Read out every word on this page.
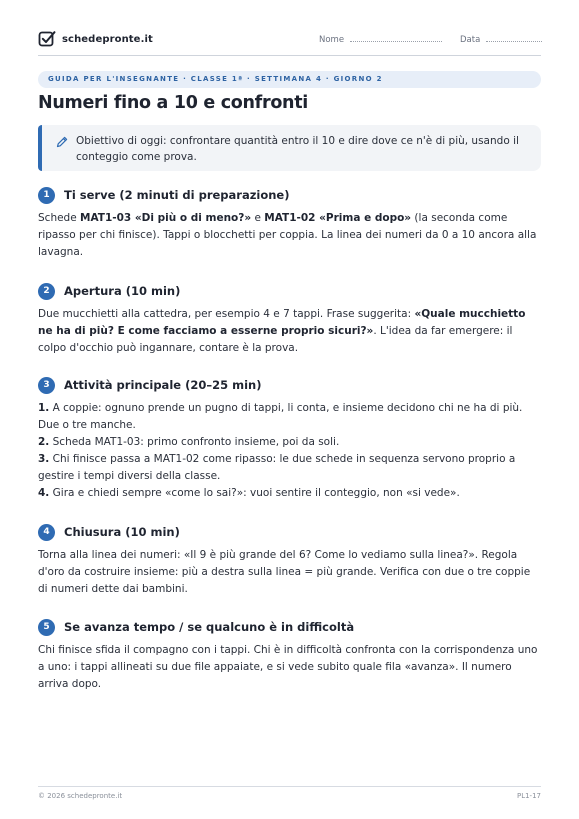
schedepronte.it	Nome	Data
GUIDA PER L'INSEGNANTE · CLASSE 1ª · SETTIMANA 4 · GIORNO 2
Numeri fino a 10 e confronti
Obiettivo di oggi: confrontare quantità entro il 10 e dire dove ce n'è di più, usando il conteggio come prova.
1	Ti serve (2 minuti di preparazione)
Schede MAT1-03 «Di più o di meno?» e MAT1-02 «Prima e dopo» (la seconda come ripasso per chi finisce). Tappi o blocchetti per coppia. La linea dei numeri da 0 a 10 ancora alla lavagna.
2	Apertura (10 min)
Due mucchietti alla cattedra, per esempio 4 e 7 tappi. Frase suggerita: «Quale mucchietto ne ha di più? E come facciamo a esserne proprio sicuri?». L'idea da far emergere: il colpo d'occhio può ingannare, contare è la prova.
3	Attività principale (20–25 min)
1. A coppie: ognuno prende un pugno di tappi, li conta, e insieme decidono chi ne ha di più. Due o tre manche.
2. Scheda MAT1-03: primo confronto insieme, poi da soli.
3. Chi finisce passa a MAT1-02 come ripasso: le due schede in sequenza servono proprio a gestire i tempi diversi della classe.
4. Gira e chiedi sempre «come lo sai?»: vuoi sentire il conteggio, non «si vede».
4	Chiusura (10 min)
Torna alla linea dei numeri: «Il 9 è più grande del 6? Come lo vediamo sulla linea?». Regola d'oro da costruire insieme: più a destra sulla linea = più grande. Verifica con due o tre coppie di numeri dette dai bambini.
5	Se avanza tempo / se qualcuno è in difficoltà
Chi finisce sfida il compagno con i tappi. Chi è in difficoltà confronta con la corrispondenza uno a uno: i tappi allineati su due file appaiate, e si vede subito quale fila «avanza». Il numero arriva dopo.
© 2026 schedepronte.it	PL1-17
